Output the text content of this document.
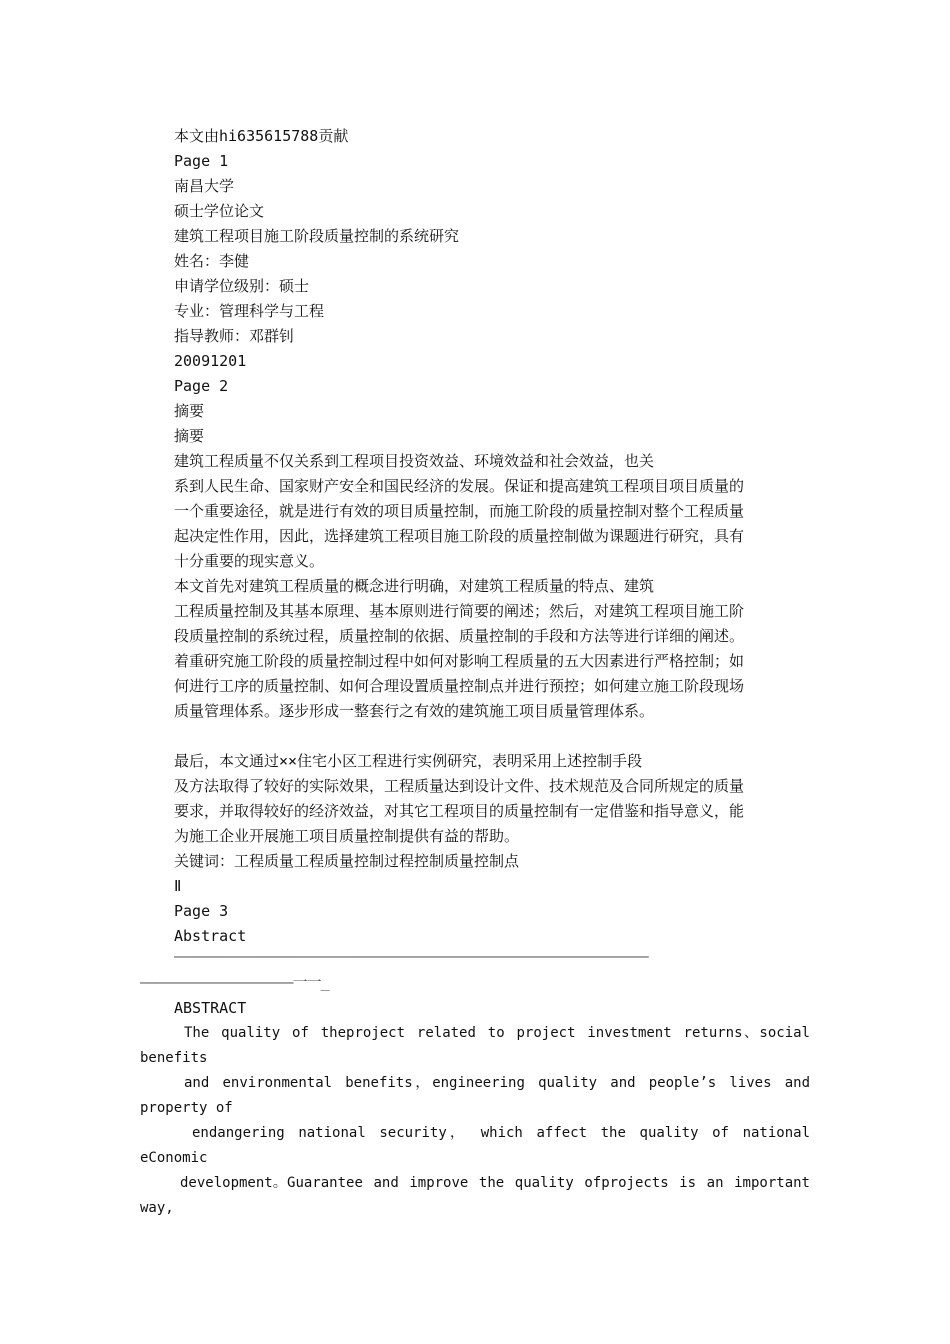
本文由hi635615788贡献
Page 1
南昌大学
硕士学位论文
建筑工程项目施工阶段质量控制的系统研究
姓名：李健
申请学位级别：硕士
专业：管理科学与工程
指导教师：邓群钊
20091201
Page 2
摘要
摘要
建筑工程质量不仅关系到工程项目投资效益、环境效益和社会效益，也关
系到人民生命、国家财产安全和国民经济的发展。保证和提高建筑工程项目项目质量的一个重要途径，就是进行有效的项目质量控制，而施工阶段的质量控制对整个工程质量起决定性作用，因此，选择建筑工程项目施工阶段的质量控制做为课题进行研究，具有十分重要的现实意义。
本文首先对建筑工程质量的概念进行明确，对建筑工程质量的特点、建筑
工程质量控制及其基本原理、基本原则进行简要的阐述；然后，对建筑工程项目施工阶段质量控制的系统过程，质量控制的依据、质量控制的手段和方法等进行详细的阐述。着重研究施工阶段的质量控制过程中如何对影响工程质量的五大因素进行严格控制；如何进行工序的质量控制、如何合理设置质量控制点并进行预控；如何建立施工阶段现场质量管理体系。逐步形成一整套行之有效的建筑施工项目质量管理体系。
最后，本文通过××住宅小区工程进行实例研究，表明采用上述控制手段
及方法取得了较好的实际效果，工程质量达到设计文件、技术规范及合同所规定的质量要求，并取得较好的经济效益，对其它工程项目的质量控制有一定借鉴和指导意义，能为施工企业开展施工项目质量控制提供有益的帮助。
关键词：工程质量工程质量控制过程控制质量控制点
Ⅱ
Page 3
Abstract
———————————————————————————————————————————————————————————
———————————————————一一_
ABSTRACT
The quality of theproject related to project investment returns、social
benefits
and environmental benefits，engineering quality and people’s lives and
property of
endangering national security， which affect the quality of national
eConomic
development。Guarantee and improve the quality ofprojects is an important
way,
